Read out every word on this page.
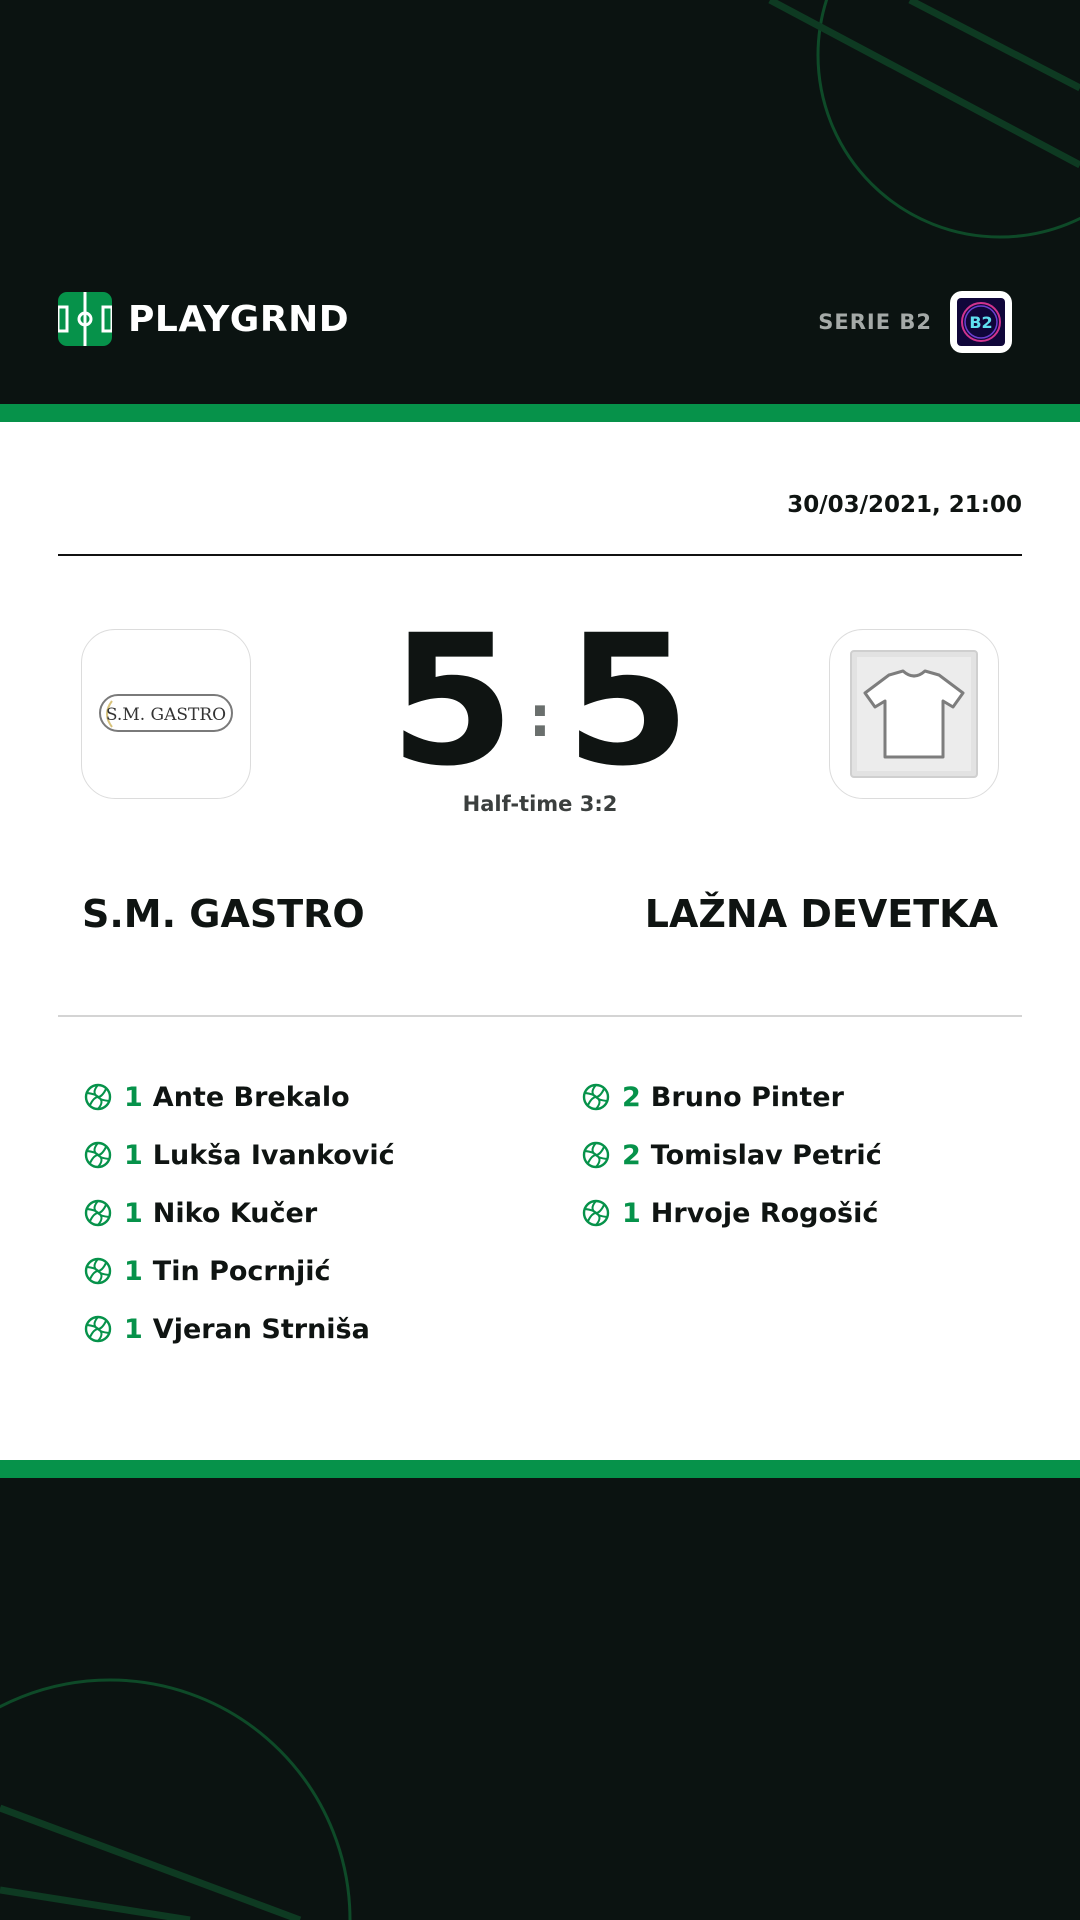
PLAYGRND	SERIE B2 B2
30/03/2021, 21:00
S.M. GASTRO 5 : 5
Half-time 3:2
S.M. GASTRO	LAŽNA DEVETKA
1 Ante Brekalo
1 Lukša Ivanković
1 Niko Kučer
1 Tin Pocrnjić
1 Vjeran Strniša
2 Bruno Pinter
2 Tomislav Petrić
1 Hrvoje Rogošić
